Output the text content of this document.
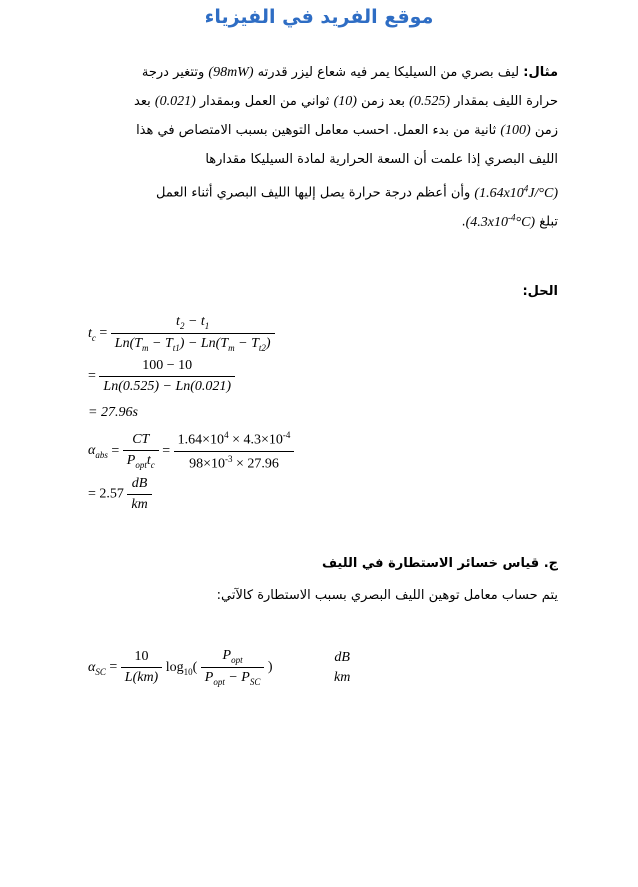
موقع الفريد في الفيزياء
مثال: ليف بصري من السيليكا يمر فيه شعاع ليزر قدرته (98mW) وتتغير درجة
حرارة الليف بمقدار (0.525) بعد زمن (10) ثواني من العمل وبمقدار (0.021) بعد
زمن (100) ثانية من بدء العمل. احسب معامل التوهين بسبب الامتصاص في هذا
الليف البصري إذا علمت أن السعة الحرارية لمادة السيليكا مقدارها
$(1.64x10^4J/^\circ C)$ وأن أعظم درجة حرارة يصل إليها الليف البصري أثناء العمل
تبلغ $(4.3x10^{-4}^\circ C)$.
الحل:
$t_c = \frac{t_2 - t_1}{Ln(T_m - T_{t1}) - Ln(T_m - T_{t2})}$
= $\frac{100 - 10}{Ln(0.525) - Ln(0.021)}$
= 27.96s
$\alpha_{abs} = \frac{CT}{P_{opt}t_c} = \frac{1.64\times 10^4 \times 4.3\times 10^{-4}}{98\times 10^{-3} \times 27.96}$
= $2.57 \frac{dB}{km}$
ج. قياس خسائر الاستطارة في الليف
يتم حساب معامل توهين الليف البصري بسبب الاستطارة كالآتي:
$\alpha_{SC} = \frac{10}{L(km)} \log_{10}( \frac{P_{opt}}{P_{opt} - P_{SC}}$ )
dB
km
